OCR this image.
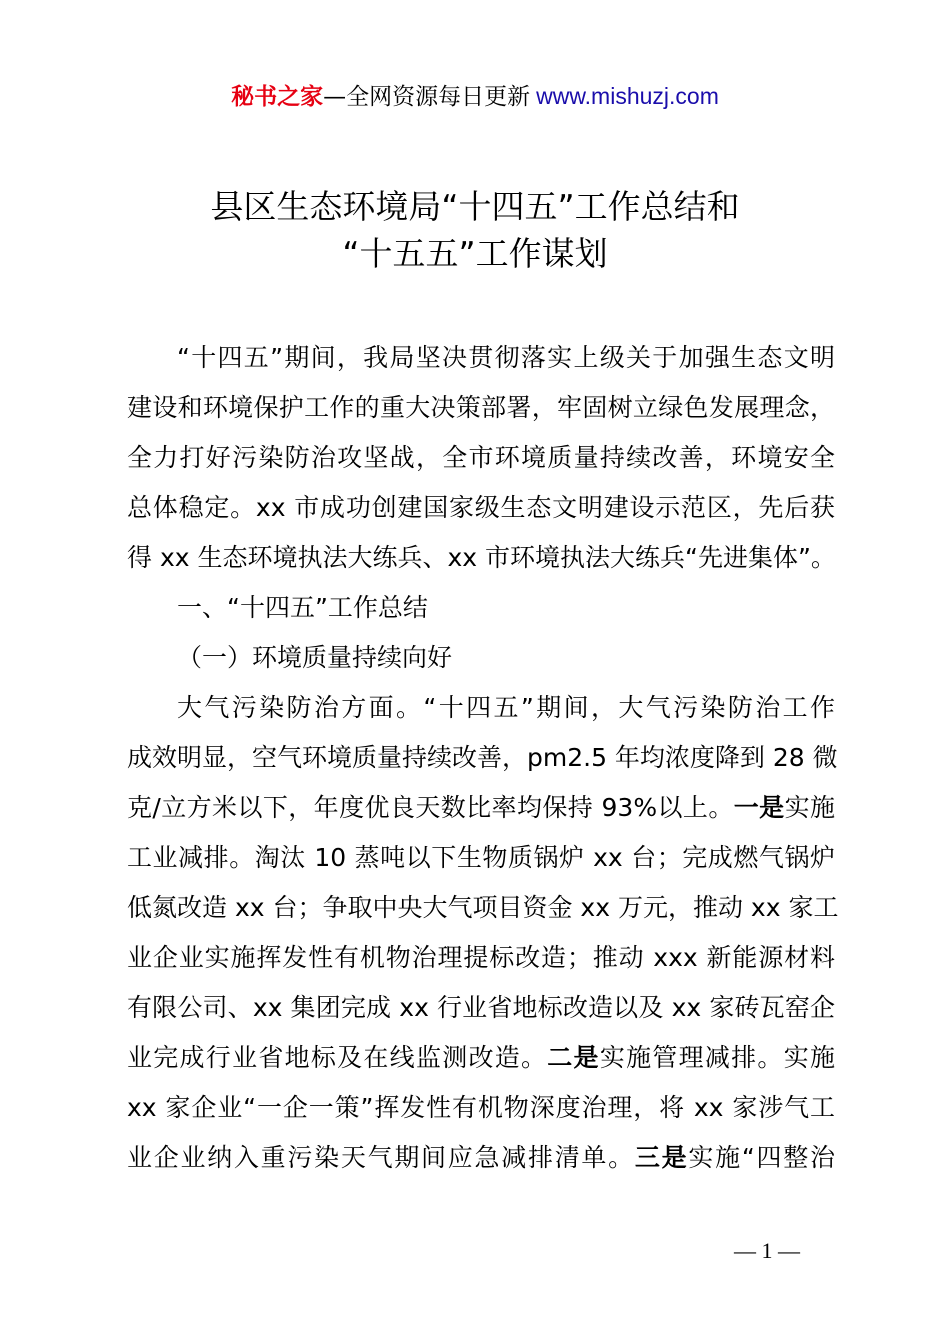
秘书之家—全网资源每日更新 www.mishuzj.com
县区生态环境局“十四五”工作总结和
“十五五”工作谋划
“十四五”期间，我局坚决贯彻落实上级关于加强生态文明
建设和环境保护工作的重大决策部署，牢固树立绿色发展理念，
全力打好污染防治攻坚战，全市环境质量持续改善，环境安全
总体稳定。xx 市成功创建国家级生态文明建设示范区，先后获
得 xx 生态环境执法大练兵、xx 市环境执法大练兵“先进集体”。
一、“十四五”工作总结
（一）环境质量持续向好
大气污染防治方面。“十四五”期间，大气污染防治工作
成效明显，空气环境质量持续改善，pm2.5 年均浓度降到 28 微
克/立方米以下，年度优良天数比率均保持 93%以上。一是实施
工业减排。淘汰 10 蒸吨以下生物质锅炉 xx 台；完成燃气锅炉
低氮改造 xx 台；争取中央大气项目资金 xx 万元，推动 xx 家工
业企业实施挥发性有机物治理提标改造；推动 xxx 新能源材料
有限公司、xx 集团完成 xx 行业省地标改造以及 xx 家砖瓦窑企
业完成行业省地标及在线监测改造。二是实施管理减排。实施
xx 家企业“一企一策”挥发性有机物深度治理，将 xx 家涉气工
业企业纳入重污染天气期间应急减排清单。三是实施“四整治
— 1 —
